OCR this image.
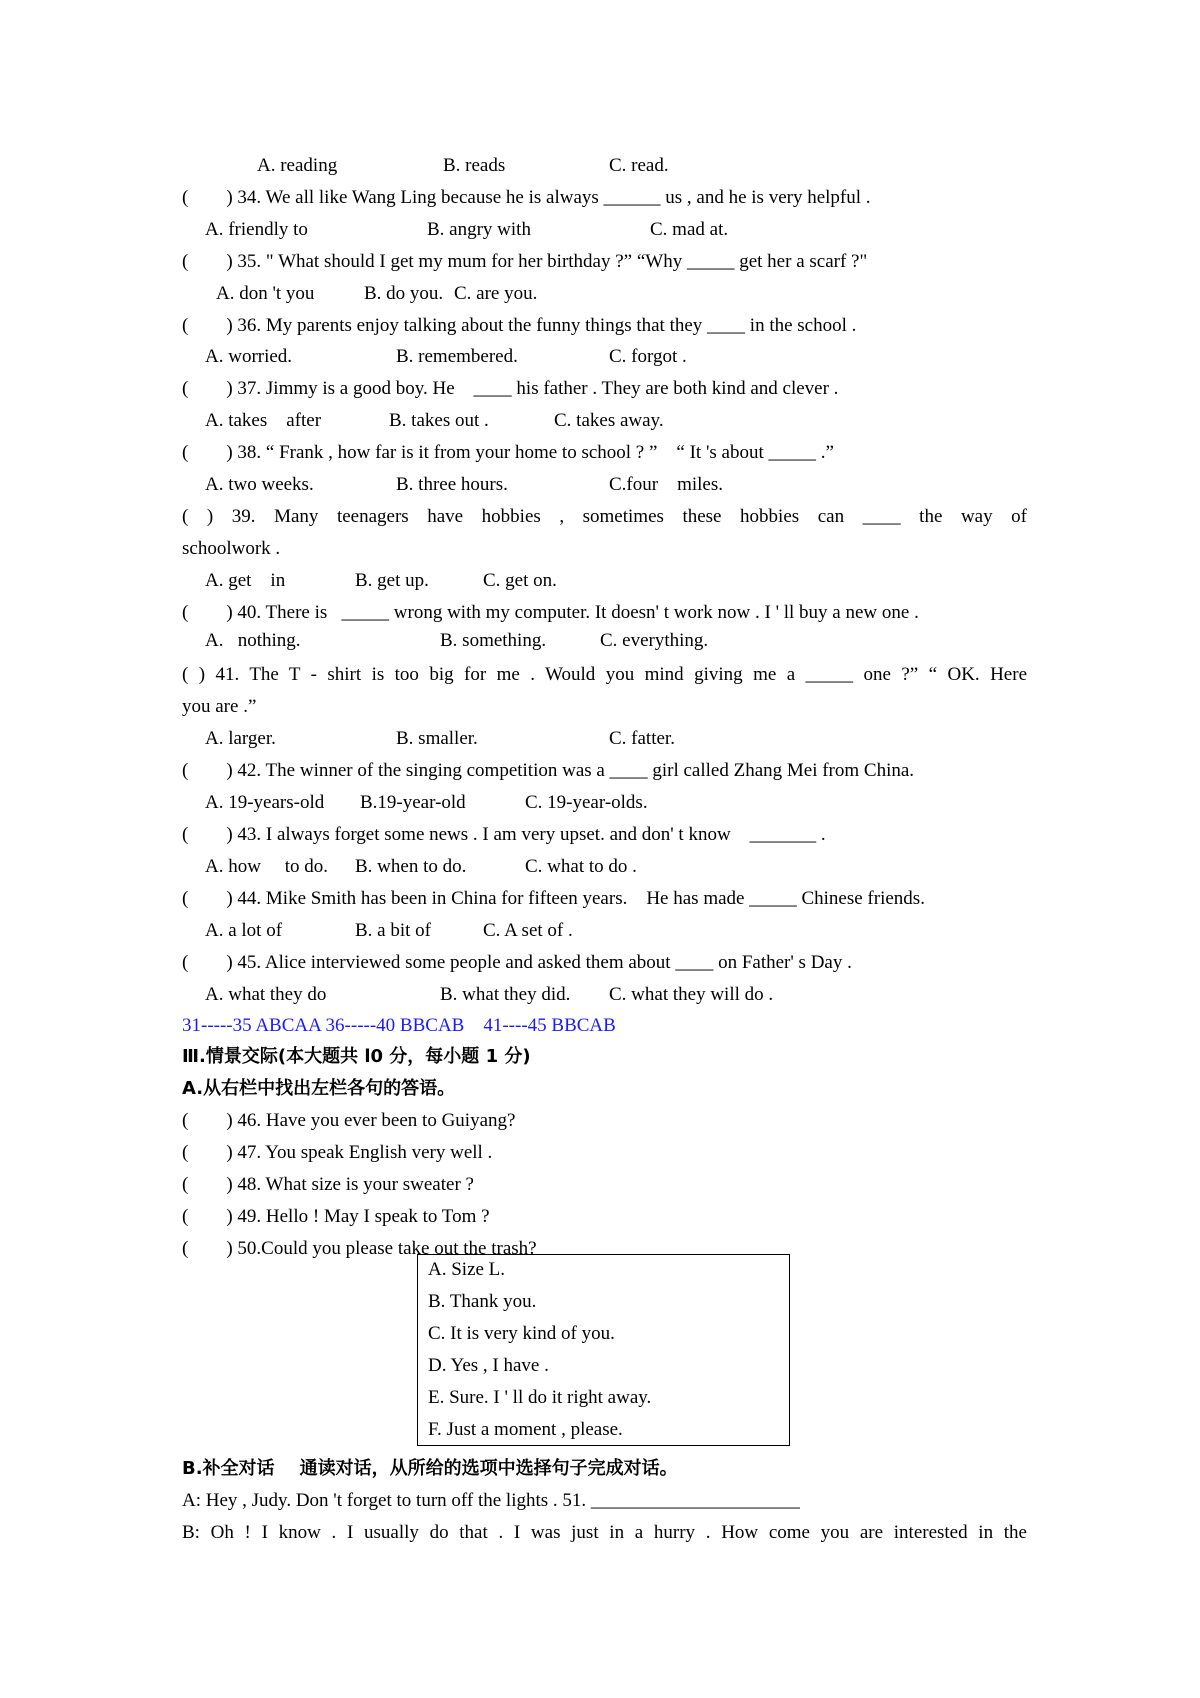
A. reading	B. reads	C. read.
(        ) 34. We all like Wang Ling because he is always ______ us , and he is very helpful .
A. friendly to	B. angry with	C. mad at.
(        ) 35. " What should I get my mum for her birthday ?” “Why _____ get her a scarf ?"
A. don 't you	B. do you. C. are you.
(        ) 36. My parents enjoy talking about the funny things that they ____ in the school .
A. worried.	B. remembered.	C. forgot .
(        ) 37. Jimmy is a good boy. He    ____ his father . They are both kind and clever .
A. takes    after	B. takes out .	C. takes away.
(        ) 38. “ Frank , how far is it from your home to school ? ”    “ It 's about _____ .”
A. two weeks.	B. three hours.	C.four    miles.
( ) 39. Many teenagers have hobbies , sometimes these hobbies can ____ the way of
schoolwork .
A. get    in	B. get up.	C. get on.
(        ) 40. There is   _____ wrong with my computer. It doesn' t work now . I ' ll buy a new one .
A.   nothing.	B. something.	C. everything.
( ) 41. The T - shirt is too big for me . Would you mind giving me a _____ one ?” “ OK. Here
you are .”
A. larger.	B. smaller.	C. fatter.
(        ) 42. The winner of the singing competition was a ____ girl called Zhang Mei from China.
A. 19-years-old B.19-year-old	C. 19-year-olds.
(        ) 43. I always forget some news . I am very upset. and don' t know    _______ .
A. how     to do. B. when to do.	C. what to do .
(        ) 44. Mike Smith has been in China for fifteen years.    He has made _____ Chinese friends.
A. a lot of	B. a bit of	C. A set of .
(        ) 45. Alice interviewed some people and asked them about ____ on Father' s Day .
A. what they do	B. what they did. C. what they will do .
31-----35 ABCAA 36-----40 BBCAB    41----45 BBCAB
Ⅲ.情景交际(本大题共 l0 分，每小题 1 分)
A.从右栏中找出左栏各句的答语。
(        ) 46. Have you ever been to Guiyang?
(        ) 47. You speak English very well .
(        ) 48. What size is your sweater ?
(        ) 49. Hello ! May I speak to Tom ?
(        ) 50.Could you please take out the trash?
A. Size L.
B. Thank you.
C. It is very kind of you.
D. Yes , I have .
E. Sure. I ' ll do it right away.
F. Just a moment , please.
B.补全对话    通读对话，从所给的选项中选择句子完成对话。
A: Hey , Judy. Don 't forget to turn off the lights . 51. ______________________
B: Oh ! I know . I usually do that . I was just in a hurry . How come you are interested in the
